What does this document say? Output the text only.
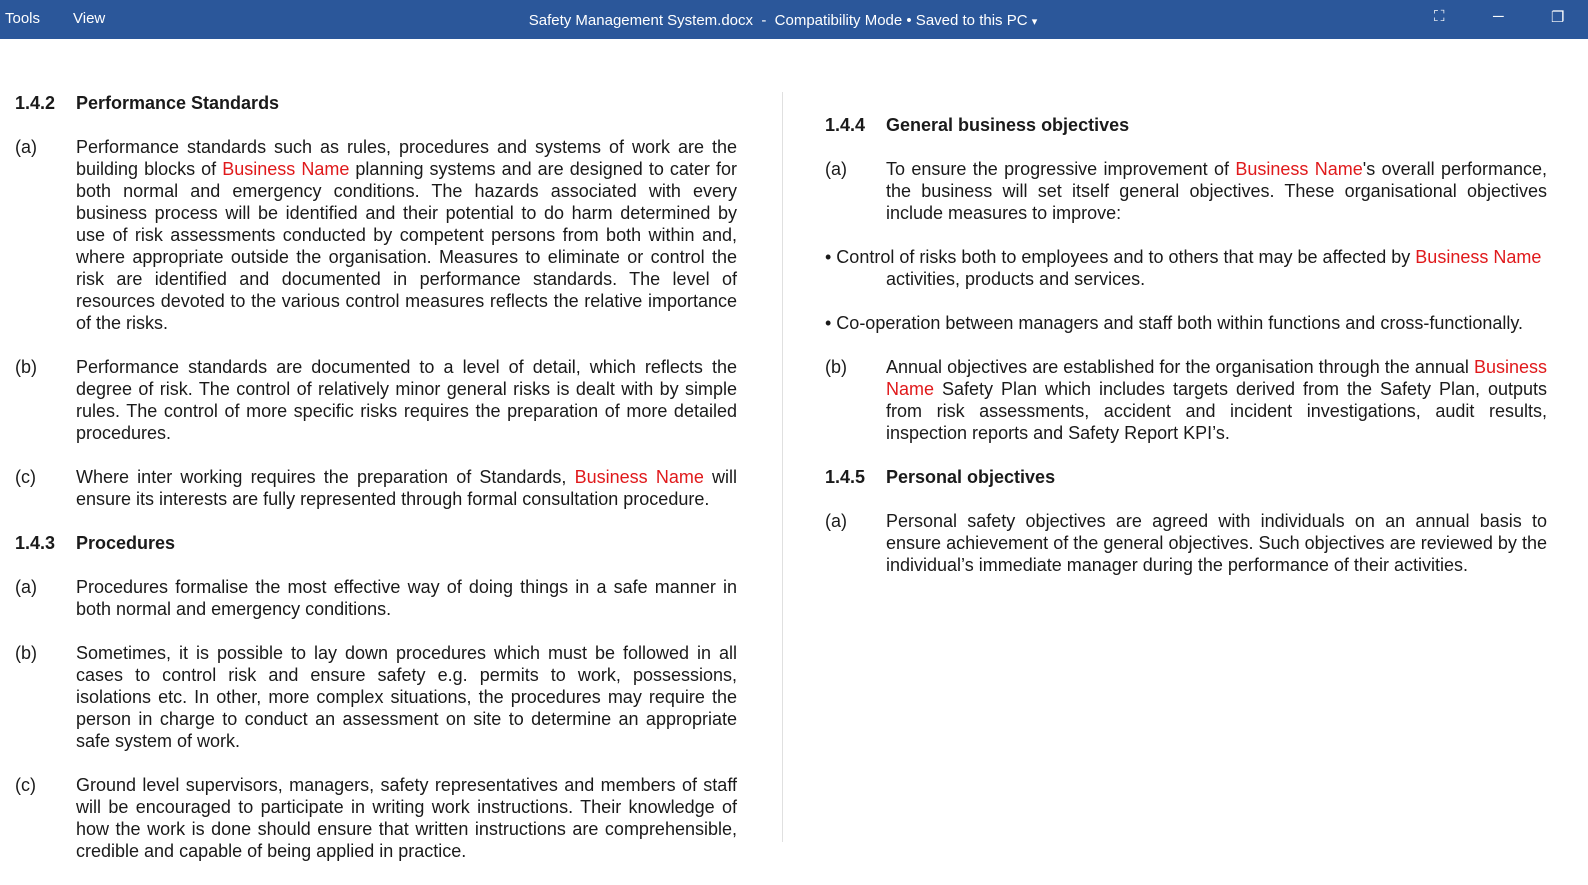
Tools View	Safety Management System.docx  -  Compatibility Mode • Saved to this PC ▾	⛶	─	❐
1.4.2	Performance Standards
(a)	Performance standards such as rules, procedures and systems of work are the building blocks of Business Name planning systems and are designed to cater for both normal and emergency conditions. The hazards associated with every business process will be identified and their potential to do harm determined by use of risk assessments conducted by competent persons from both within and, where appropriate outside the organisation. Measures to eliminate or control the risk are identified and documented in performance standards. The level of resources devoted to the various control measures reflects the relative importance of the risks.
(b)	Performance standards are documented to a level of detail, which reflects the degree of risk. The control of relatively minor general risks is dealt with by simple rules. The control of more specific risks requires the preparation of more detailed procedures.
(c)	Where inter working requires the preparation of Standards, Business Name will ensure its interests are fully represented through formal consultation procedure.
1.4.3	Procedures
(a)	Procedures formalise the most effective way of doing things in a safe manner in both normal and emergency conditions.
(b)	Sometimes, it is possible to lay down procedures which must be followed in all cases to control risk and ensure safety e.g. permits to work, possessions, isolations etc. In other, more complex situations, the procedures may require the person in charge to conduct an assessment on site to determine an appropriate safe system of work.
(c)	Ground level supervisors, managers, safety representatives and members of staff will be encouraged to participate in writing work instructions. Their knowledge of how the work is done should ensure that written instructions are comprehensible, credible and capable of being applied in practice.
1.4.4	General business objectives
(a)	To ensure the progressive improvement of Business Name's overall performance, the business will set itself general objectives. These organisational objectives include measures to improve:
• Control of risks both to employees and to others that may be affected by Business Name activities, products and services.
• Co-operation between managers and staff both within functions and cross-functionally.
(b)	Annual objectives are established for the organisation through the annual Business Name Safety Plan which includes targets derived from the Safety Plan, outputs from risk assessments, accident and incident investigations, audit results, inspection reports and Safety Report KPI’s.
1.4.5	Personal objectives
(a)	Personal safety objectives are agreed with individuals on an annual basis to ensure achievement of the general objectives. Such objectives are reviewed by the individual’s immediate manager during the performance of their activities.
